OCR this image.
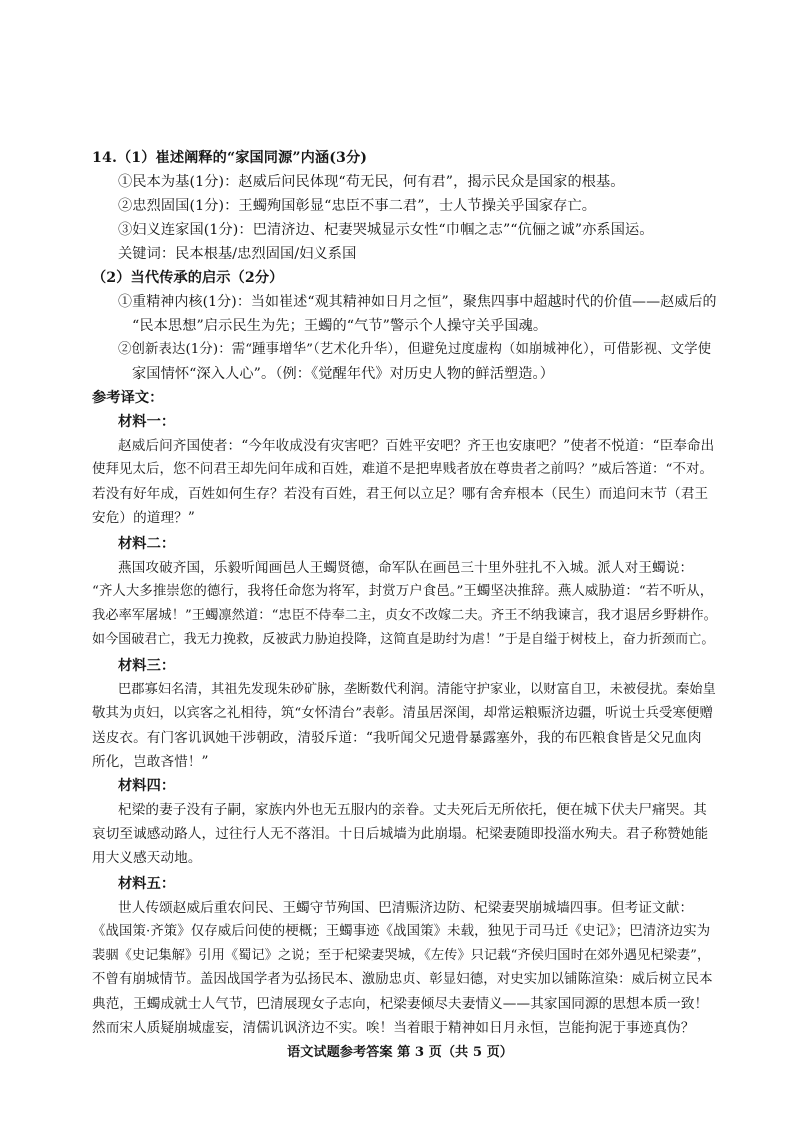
14.（1）崔述阐释的“家国同源”内涵(3分)
①民本为基(1分)：赵威后问民体现“苟无民，何有君”，揭示民众是国家的根基。
②忠烈固国(1分)：王蠋殉国彰显“忠臣不事二君”，士人节操关乎国家存亡。
③妇义连家国(1分)：巴清济边、杞妻哭城显示女性“巾帼之志”“伉俪之诚”亦系国运。
关键词：民本根基/忠烈固国/妇义系国
（2）当代传承的启示（2分）
①重精神内核(1分)：当如崔述“观其精神如日月之恒”，聚焦四事中超越时代的价值——赵威后的
“民本思想”启示民生为先；王蠋的“气节”警示个人操守关乎国魂。
②创新表达(1分)：需“踵事增华”（艺术化升华），但避免过度虚构（如崩城神化），可借影视、文学使
家国情怀“深入人心”。（例：《觉醒年代》对历史人物的鲜活塑造。）
参考译文：
材料一：
赵威后问齐国使者：“今年收成没有灾害吧？百姓平安吧？齐王也安康吧？”使者不悦道：“臣奉命出
使拜见太后，您不问君王却先问年成和百姓，难道不是把卑贱者放在尊贵者之前吗？”威后答道：“不对。
若没有好年成，百姓如何生存？若没有百姓，君王何以立足？哪有舍弃根本（民生）而追问末节（君王
安危）的道理？”
材料二：
燕国攻破齐国，乐毅听闻画邑人王蠋贤德，命军队在画邑三十里外驻扎不入城。派人对王蠋说：
“齐人大多推崇您的德行，我将任命您为将军，封赏万户食邑。”王蠋坚决推辞。燕人威胁道：“若不听从，
我必率军屠城！”王蠋凛然道：“忠臣不侍奉二主，贞女不改嫁二夫。齐王不纳我谏言，我才退居乡野耕作。
如今国破君亡，我无力挽救，反被武力胁迫投降，这简直是助纣为虐！”于是自缢于树枝上，奋力折颈而亡。
材料三：
巴郡寡妇名清，其祖先发现朱砂矿脉，垄断数代利润。清能守护家业，以财富自卫，未被侵扰。秦始皇
敬其为贞妇，以宾客之礼相待，筑“女怀清台”表彰。清虽居深闺，却常运粮赈济边疆，听说士兵受寒便赠
送皮衣。有门客讥讽她干涉朝政，清驳斥道：“我听闻父兄遗骨暴露塞外，我的布匹粮食皆是父兄血肉
所化，岂敢吝惜！”
材料四：
杞梁的妻子没有子嗣，家族内外也无五服内的亲眷。丈夫死后无所依托，便在城下伏夫尸痛哭。其
哀切至诚感动路人，过往行人无不落泪。十日后城墙为此崩塌。杞梁妻随即投淄水殉夫。君子称赞她能
用大义感天动地。
材料五：
世人传颂赵威后重农问民、王蠋守节殉国、巴清赈济边防、杞梁妻哭崩城墙四事。但考证文献：
《战国策·齐策》仅存威后问使的梗概；王蠋事迹《战国策》未载，独见于司马迁《史记》；巴清济边实为
裴骃《史记集解》引用《蜀记》之说；至于杞梁妻哭城，《左传》只记载“齐侯归国时在郊外遇见杞梁妻”，
不曾有崩城情节。盖因战国学者为弘扬民本、激励忠贞、彰显妇德，对史实加以铺陈渲染：威后树立民本
典范，王蠋成就士人气节，巴清展现女子志向，杞梁妻倾尽夫妻情义——其家国同源的思想本质一致！
然而宋人质疑崩城虚妄，清儒讥讽济边不实。唉！当着眼于精神如日月永恒，岂能拘泥于事迹真伪？
语文试题参考答案 第 3 页（共 5 页）
